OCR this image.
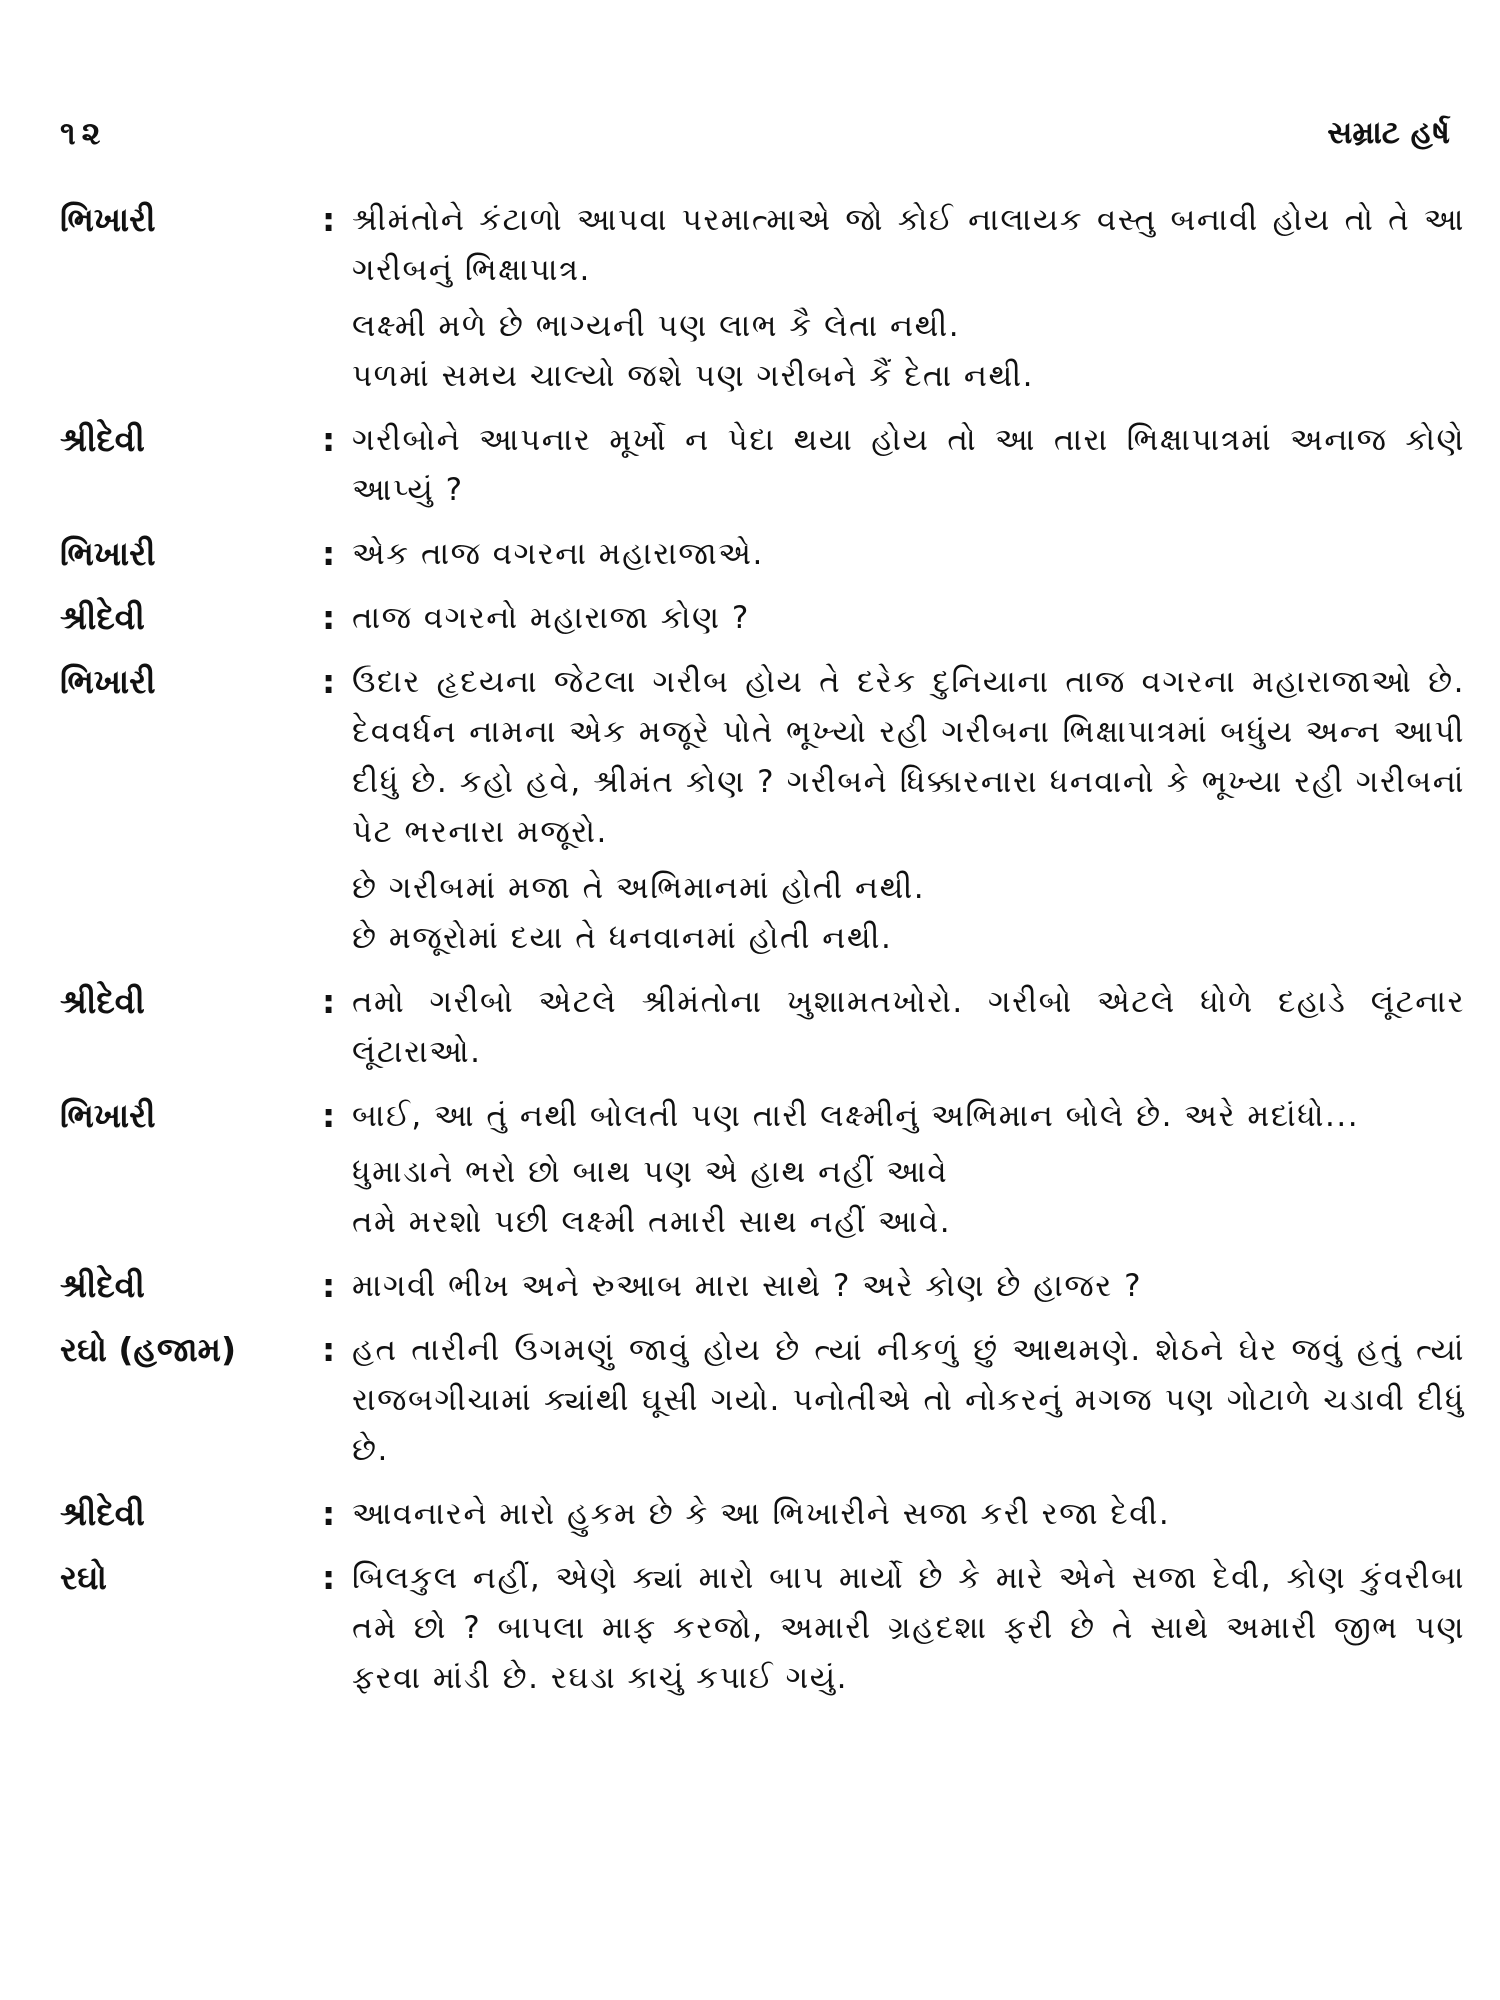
૧૨	સમ્રાટ હર્ષ
ભિખારી	: શ્રીમંતોને કંટાળો આપવા પરમાત્માએ જો કોઈ નાલાયક વસ્તુ બનાવી હોય તો તે આ ગરીબનું ભિક્ષાપાત્ર.

લક્ષ્મી મળે છે ભાગ્યની પણ લાભ કૈ લેતા નથી.
પળમાં સમય ચાલ્યો જશે પણ ગરીબને કૈં દેતા નથી.
શ્રીદેવી	: ગરીબોને આપનાર મૂર્ખો ન પેદા થયા હોય તો આ તારા ભિક્ષાપાત્રમાં અનાજ કોણે આપ્યું ?

ભિખારી	: એક તાજ વગરના મહારાજાએ.

શ્રીદેવી	: તાજ વગરનો મહારાજા કોણ ?

ભિખારી	: ઉદાર હૃદયના જેટલા ગરીબ હોય તે દરેક દુનિયાના તાજ વગરના મહારાજાઓ છે. દેવવર્ધન નામના એક મજૂરે પોતે ભૂખ્યો રહી ગરીબના ભિક્ષાપાત્રમાં બધુંય અન્ન આપી દીધું છે. કહો હવે, શ્રીમંત કોણ ? ગરીબને ધિક્કારનારા ધનવાનો કે ભૂખ્યા રહી ગરીબનાં પેટ ભરનારા મજૂરો.

છે ગરીબમાં મજા તે અભિમાનમાં હોતી નથી.
છે મજૂરોમાં દયા તે ધનવાનમાં હોતી નથી.
શ્રીદેવી	: તમો ગરીબો એટલે શ્રીમંતોના ખુશામતખોરો. ગરીબો એટલે ધોળે દહાડે લૂંટનાર લૂંટારાઓ.

ભિખારી	: બાઈ, આ તું નથી બોલતી પણ તારી લક્ષ્મીનું અભિમાન બોલે છે. અરે મદાંધો...

ધુમાડાને ભરો છો બાથ પણ એ હાથ નહીં આવે
તમે મરશો પછી લક્ષ્મી તમારી સાથ નહીં આવે.
શ્રીદેવી	: માગવી ભીખ અને રુઆબ મારા સાથે ? અરે કોણ છે હાજર ?

રઘો (હજામ)	: હત તારીની ઉગમણું જાવું હોય છે ત્યાં નીકળું છું આથમણે. શેઠને ઘેર જવું હતું ત્યાં રાજબગીચામાં ક્યાંથી ઘૂસી ગયો. પનોતીએ તો નોકરનું મગજ પણ ગોટાળે ચડાવી દીધું છે.

શ્રીદેવી	: આવનારને મારો હુકમ છે કે આ ભિખારીને સજા કરી રજા દેવી.

રઘો	: બિલકુલ નહીં, એણે ક્યાં મારો બાપ માર્યો છે કે મારે એને સજા દેવી, કોણ કુંવરીબા તમે છો ? બાપલા માફ કરજો, અમારી ગ્રહદશા ફરી છે તે સાથે અમારી જીભ પણ ફરવા માંડી છે. રઘડા કાચું કપાઈ ગયું.
